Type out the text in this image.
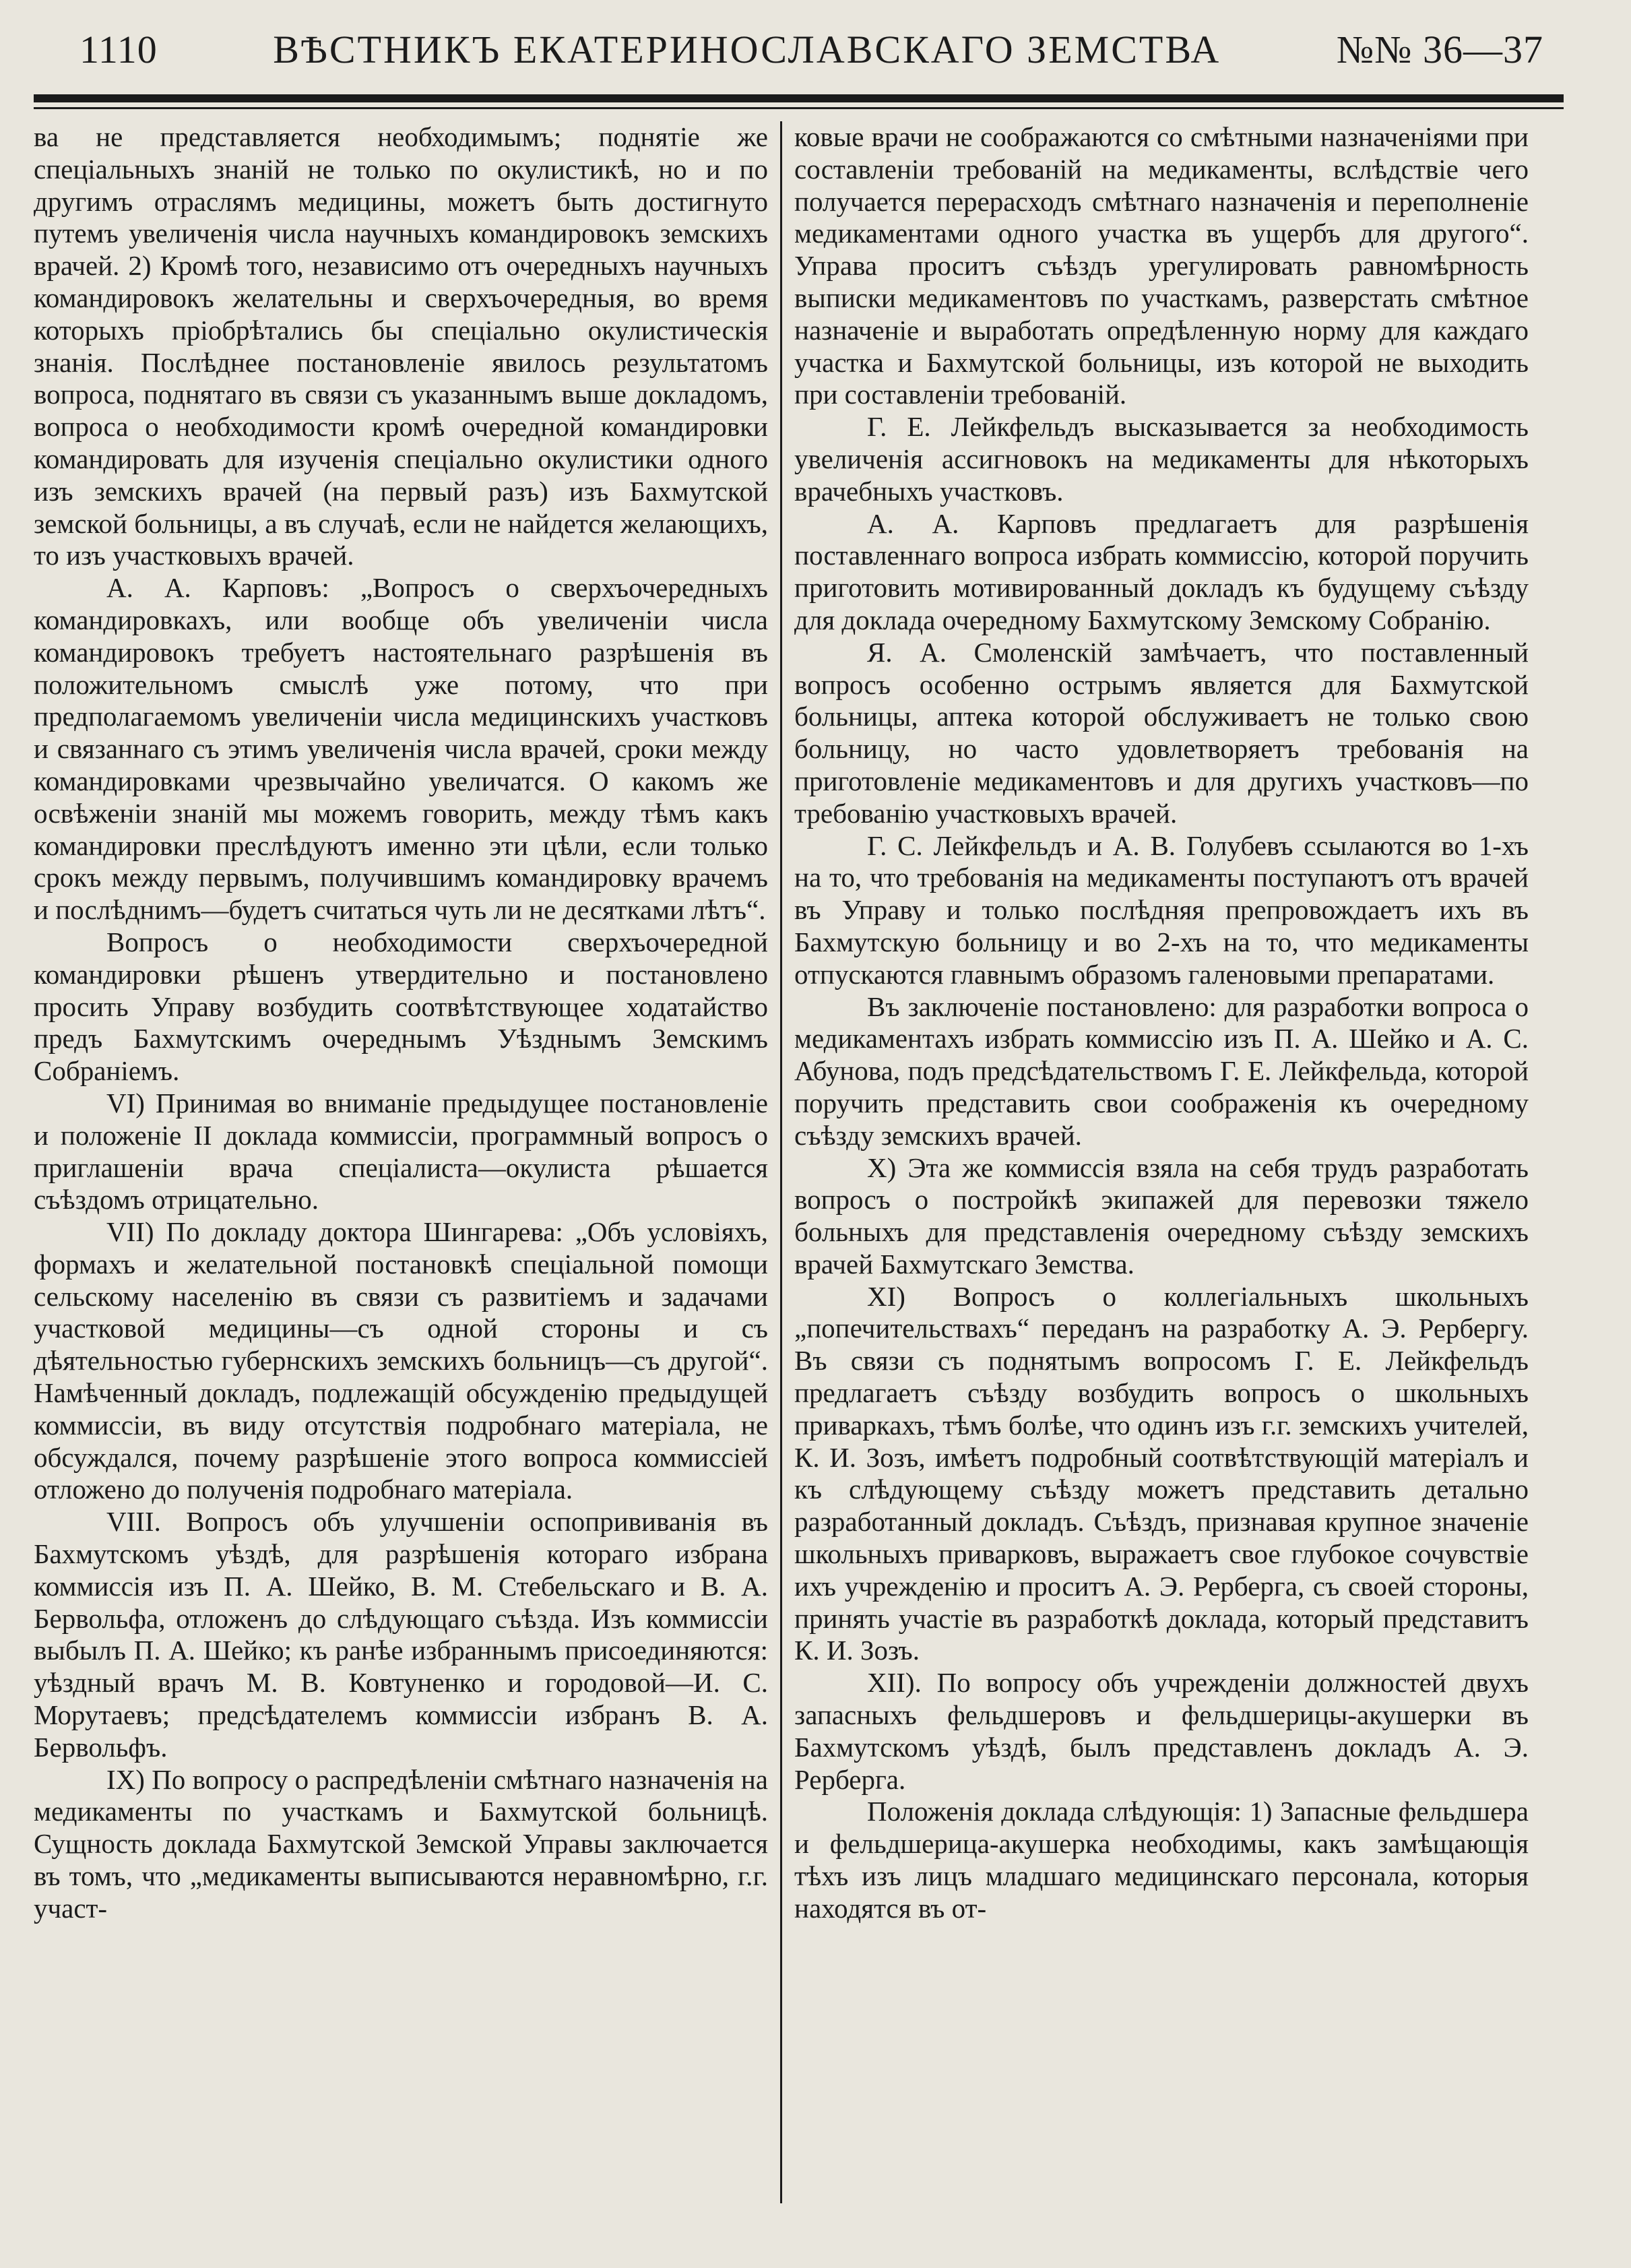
1110	ВѢСТНИКЪ ЕКАТЕРИНОСЛАВСКАГО ЗЕМСТВА	№№ 36—37

ва не представляется необходимымъ; поднятіе же спеціальныхъ знаній не только по окулистикѣ, но и по другимъ отраслямъ медицины, можетъ быть достигнуто путемъ увеличенія числа научныхъ командировокъ земскихъ врачей. 2) Кромѣ того, независимо отъ очередныхъ научныхъ командировокъ желательны и сверхъочередныя, во время которыхъ пріобрѣтались бы спеціально окулистическія знанія. Послѣднее постановленіе явилось результатомъ вопроса, поднятаго въ связи съ указаннымъ выше докладомъ, вопроса о необходимости кромѣ очередной командировки командировать для изученія спеціально окулистики одного изъ земскихъ врачей (на первый разъ) изъ Бахмутской земской больницы, а въ случаѣ, если не найдется желающихъ, то изъ участковыхъ врачей.

А. А. Карповъ: „Вопросъ о сверхъочередныхъ командировкахъ, или вообще объ увеличеніи числа командировокъ требуетъ настоятельнаго разрѣшенія въ положительномъ смыслѣ уже потому, что при предполагаемомъ увеличеніи числа медицинскихъ участковъ и связаннаго съ этимъ увеличенія числа врачей, сроки между командировками чрезвычайно увеличатся. О какомъ же освѣженіи знаній мы можемъ говорить, между тѣмъ какъ командировки преслѣдуютъ именно эти цѣли, если только срокъ между первымъ, получившимъ командировку врачемъ и послѣднимъ—будетъ считаться чуть ли не десятками лѣтъ“.

Вопросъ о необходимости сверхъочередной командировки рѣшенъ утвердительно и постановлено просить Управу возбудить соотвѣтствующее ходатайство предъ Бахмутскимъ очереднымъ Уѣзднымъ Земскимъ Собраніемъ.

VI) Принимая во вниманіе предыдущее постановленіе и положеніе II доклада коммиссіи, программный вопросъ о приглашеніи врача спеціалиста—окулиста рѣшается съѣздомъ отрицательно.

VII) По докладу доктора Шингарева: „Объ условіяхъ, формахъ и желательной постановкѣ спеціальной помощи сельскому населенію въ связи съ развитіемъ и задачами участковой медицины—съ одной стороны и съ дѣятельностью губернскихъ земскихъ больницъ—съ другой“. Намѣченный докладъ, подлежащій обсужденію предыдущей коммиссіи, въ виду отсутствія подробнаго матеріала, не обсуждался, почему разрѣшеніе этого вопроса коммиссіей отложено до полученія подробнаго матеріала.

VIII. Вопросъ объ улучшеніи оспопрививанія въ Бахмутскомъ уѣздѣ, для разрѣшенія котораго избрана коммиссія изъ П. А. Шейко, В. М. Стебельскаго и В. А. Бервольфа, отложенъ до слѣдующаго съѣзда. Изъ коммиссіи выбылъ П. А. Шейко; къ ранѣе избраннымъ присоединяются: уѣздный врачъ М. В. Ковтуненко и городовой—И. С. Морутаевъ; предсѣдателемъ коммиссіи избранъ В. А. Бервольфъ.

IX) По вопросу о распредѣленіи смѣтнаго назначенія на медикаменты по участкамъ и Бахмутской больницѣ. Сущность доклада Бахмутской Земской Управы заключается въ томъ, что „медикаменты выписываются неравномѣрно, г.г. участ-

ковые врачи не соображаются со смѣтными назначеніями при составленіи требованій на медикаменты, вслѣдствіе чего получается перерасходъ смѣтнаго назначенія и переполненіе медикаментами одного участка въ ущербъ для другого“. Управа проситъ съѣздъ урегулировать равномѣрность выписки медикаментовъ по участкамъ, разверстать смѣтное назначеніе и выработать опредѣленную норму для каждаго участка и Бахмутской больницы, изъ которой не выходить при составленіи требованій.

Г. Е. Лейкфельдъ высказывается за необходимость увеличенія ассигновокъ на медикаменты для нѣкоторыхъ врачебныхъ участковъ.

А. А. Карповъ предлагаетъ для разрѣшенія поставленнаго вопроса избрать коммиссію, которой поручить приготовить мотивированный докладъ къ будущему съѣзду для доклада очередному Бахмутскому Земскому Собранію.

Я. А. Смоленскій замѣчаетъ, что поставленный вопросъ особенно острымъ является для Бахмутской больницы, аптека которой обслуживаетъ не только свою больницу, но часто удовлетворяетъ требованія на приготовленіе медикаментовъ и для другихъ участковъ—по требованію участковыхъ врачей.

Г. С. Лейкфельдъ и А. В. Голубевъ ссылаются во 1-хъ на то, что требованія на медикаменты поступаютъ отъ врачей въ Управу и только послѣдняя препровождаетъ ихъ въ Бахмутскую больницу и во 2-хъ на то, что медикаменты отпускаются главнымъ образомъ галеновыми препаратами.

Въ заключеніе постановлено: для разработки вопроса о медикаментахъ избрать коммиссію изъ П. А. Шейко и А. С. Абунова, подъ предсѣдательствомъ Г. Е. Лейкфельда, которой поручить представить свои соображенія къ очередному съѣзду земскихъ врачей.

X) Эта же коммиссія взяла на себя трудъ разработать вопросъ о постройкѣ экипажей для перевозки тяжело больныхъ для представленія очередному съѣзду земскихъ врачей Бахмутскаго Земства.

XI) Вопросъ о коллегіальныхъ школьныхъ „попечительствахъ“ переданъ на разработку А. Э. Рербергу. Въ связи съ поднятымъ вопросомъ Г. Е. Лейкфельдъ предлагаетъ съѣзду возбудить вопросъ о школьныхъ приваркахъ, тѣмъ болѣе, что одинъ изъ г.г. земскихъ учителей, К. И. Зозъ, имѣетъ подробный соотвѣтствующій матеріалъ и къ слѣдующему съѣзду можетъ представить детально разработанный докладъ. Съѣздъ, признавая крупное значеніе школьныхъ приварковъ, выражаетъ свое глубокое сочувствіе ихъ учрежденію и проситъ А. Э. Рерберга, съ своей стороны, принять участіе въ разработкѣ доклада, который представитъ К. И. Зозъ.

XII). По вопросу объ учрежденіи должностей двухъ запасныхъ фельдшеровъ и фельдшерицы-акушерки въ Бахмутскомъ уѣздѣ, былъ представленъ докладъ А. Э. Рерберга.

Положенія доклада слѣдующія: 1) Запасные фельдшера и фельдшерица-акушерка необходимы, какъ замѣщающія тѣхъ изъ лицъ младшаго медицинскаго персонала, которыя находятся въ от-
